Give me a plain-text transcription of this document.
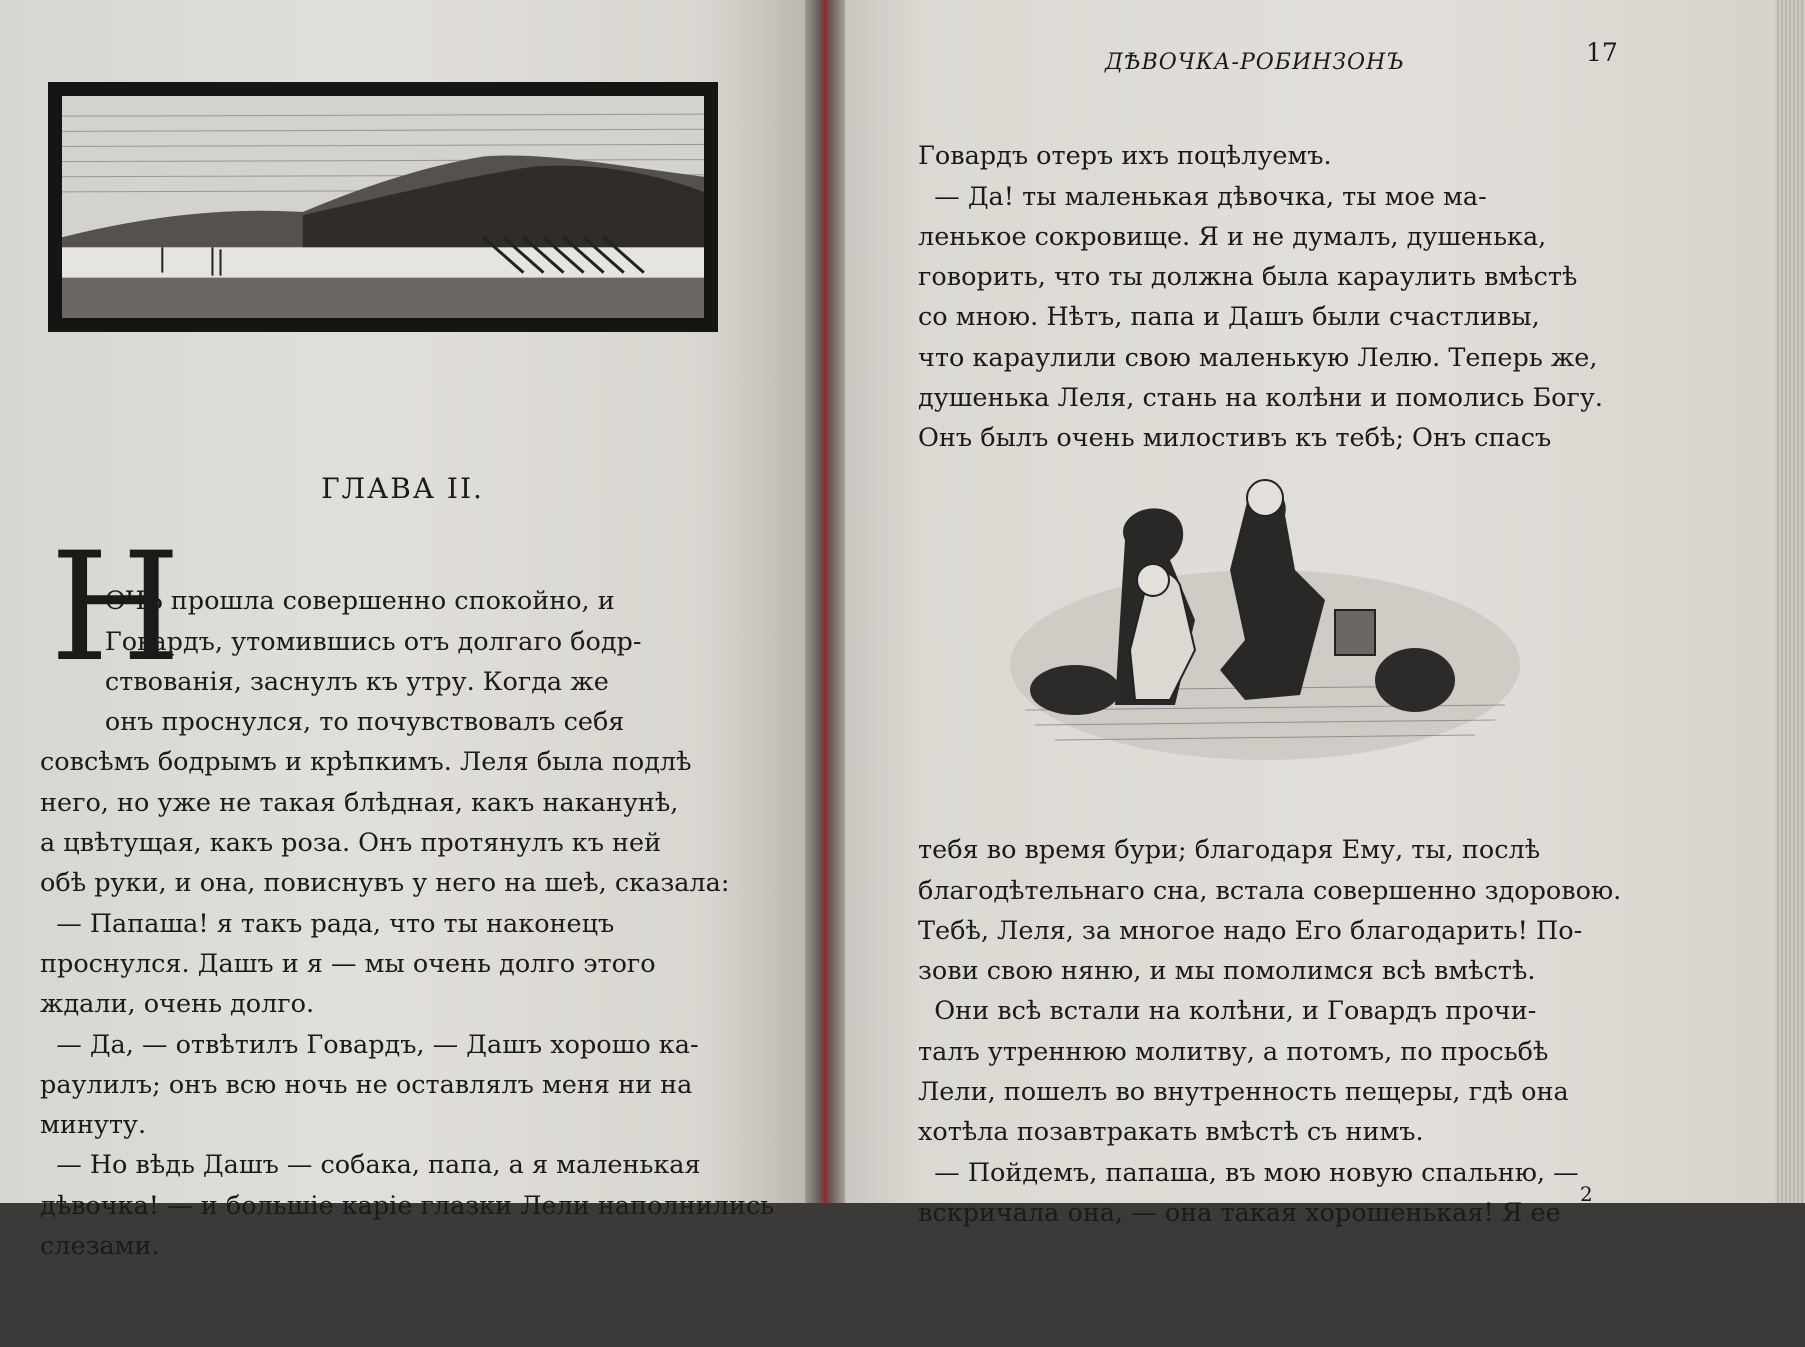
ГЛАВА II.
Н

ОЧЬ прошла совершенно спокойно, и
Говардъ, утомившись отъ долгаго бодр-
ствованія, заснулъ къ утру. Когда же
онъ проснулся, то почувствовалъ себя
совсѣмъ бодрымъ и крѣпкимъ. Леля была подлѣ
него, но уже не такая блѣдная, какъ наканунѣ,
а цвѣтущая, какъ роза. Онъ протянулъ къ ней
обѣ руки, и она, повиснувъ у него на шеѣ, сказала:
— Папаша! я такъ рада, что ты наконецъ
проснулся. Дашъ и я — мы очень долго этого
ждали, очень долго.
— Да, — отвѣтилъ Говардъ, — Дашъ хорошо ка-
раулилъ; онъ всю ночь не оставлялъ меня ни на
минуту.
— Но вѣдь Дашъ — собака, папа, а я маленькая
дѣвочка! — и большіе каріе глазки Лели наполнились
слезами.

ДѢВОЧКА-РОБИНЗОНЪ	17

Говардъ отеръ ихъ поцѣлуемъ.
— Да! ты маленькая дѣвочка, ты мое ма-
ленькое сокровище. Я и не думалъ, душенька,
говорить, что ты должна была караулить вмѣстѣ
со мною. Нѣтъ, папа и Дашъ были счастливы,
что караулили свою маленькую Лелю. Теперь же,
душенька Леля, стань на колѣни и помолись Богу.
Онъ былъ очень милостивъ къ тебѣ; Онъ спасъ

тебя во время бури; благодаря Ему, ты, послѣ
благодѣтельнаго сна, встала совершенно здоровою.
Тебѣ, Леля, за многое надо Его благодарить! По-
зови свою няню, и мы помолимся всѣ вмѣстѣ.
Они всѣ встали на колѣни, и Говардъ прочи-
талъ утреннюю молитву, а потомъ, по просьбѣ
Лели, пошелъ во внутренность пещеры, гдѣ она
хотѣла позавтракать вмѣстѣ съ нимъ.
— Пойдемъ, папаша, въ мою новую спальню, —
вскричала она, — она такая хорошенькая! Я ее

2
